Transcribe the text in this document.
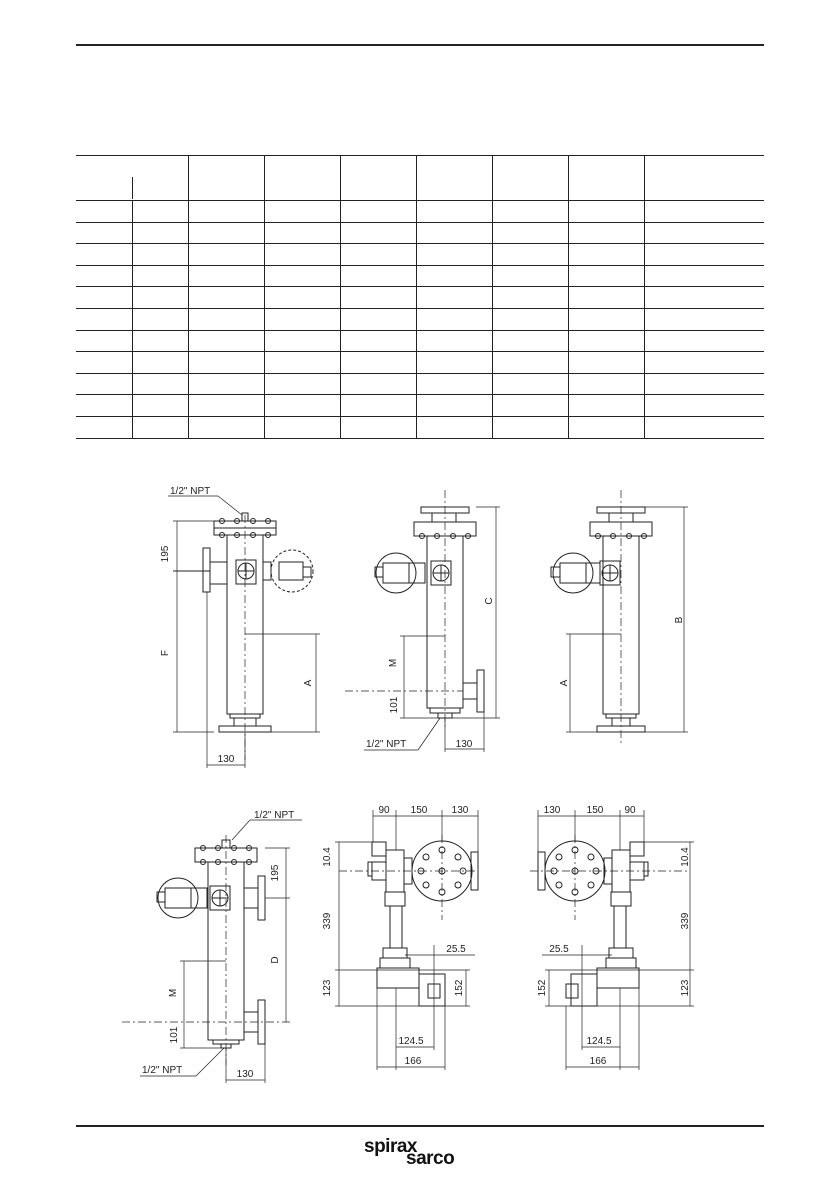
1/2" NPT
195
F
A
130
C
M
101
1/2" NPT	130
B
A
1/2" NPT
195
D
M
101
1/2" NPT	130
90 150 130
10.4
339
25.5
123	152
124.5
166
130	150 90
10.4
339
25.5
152	123
124.5
166
spirax
sarco
